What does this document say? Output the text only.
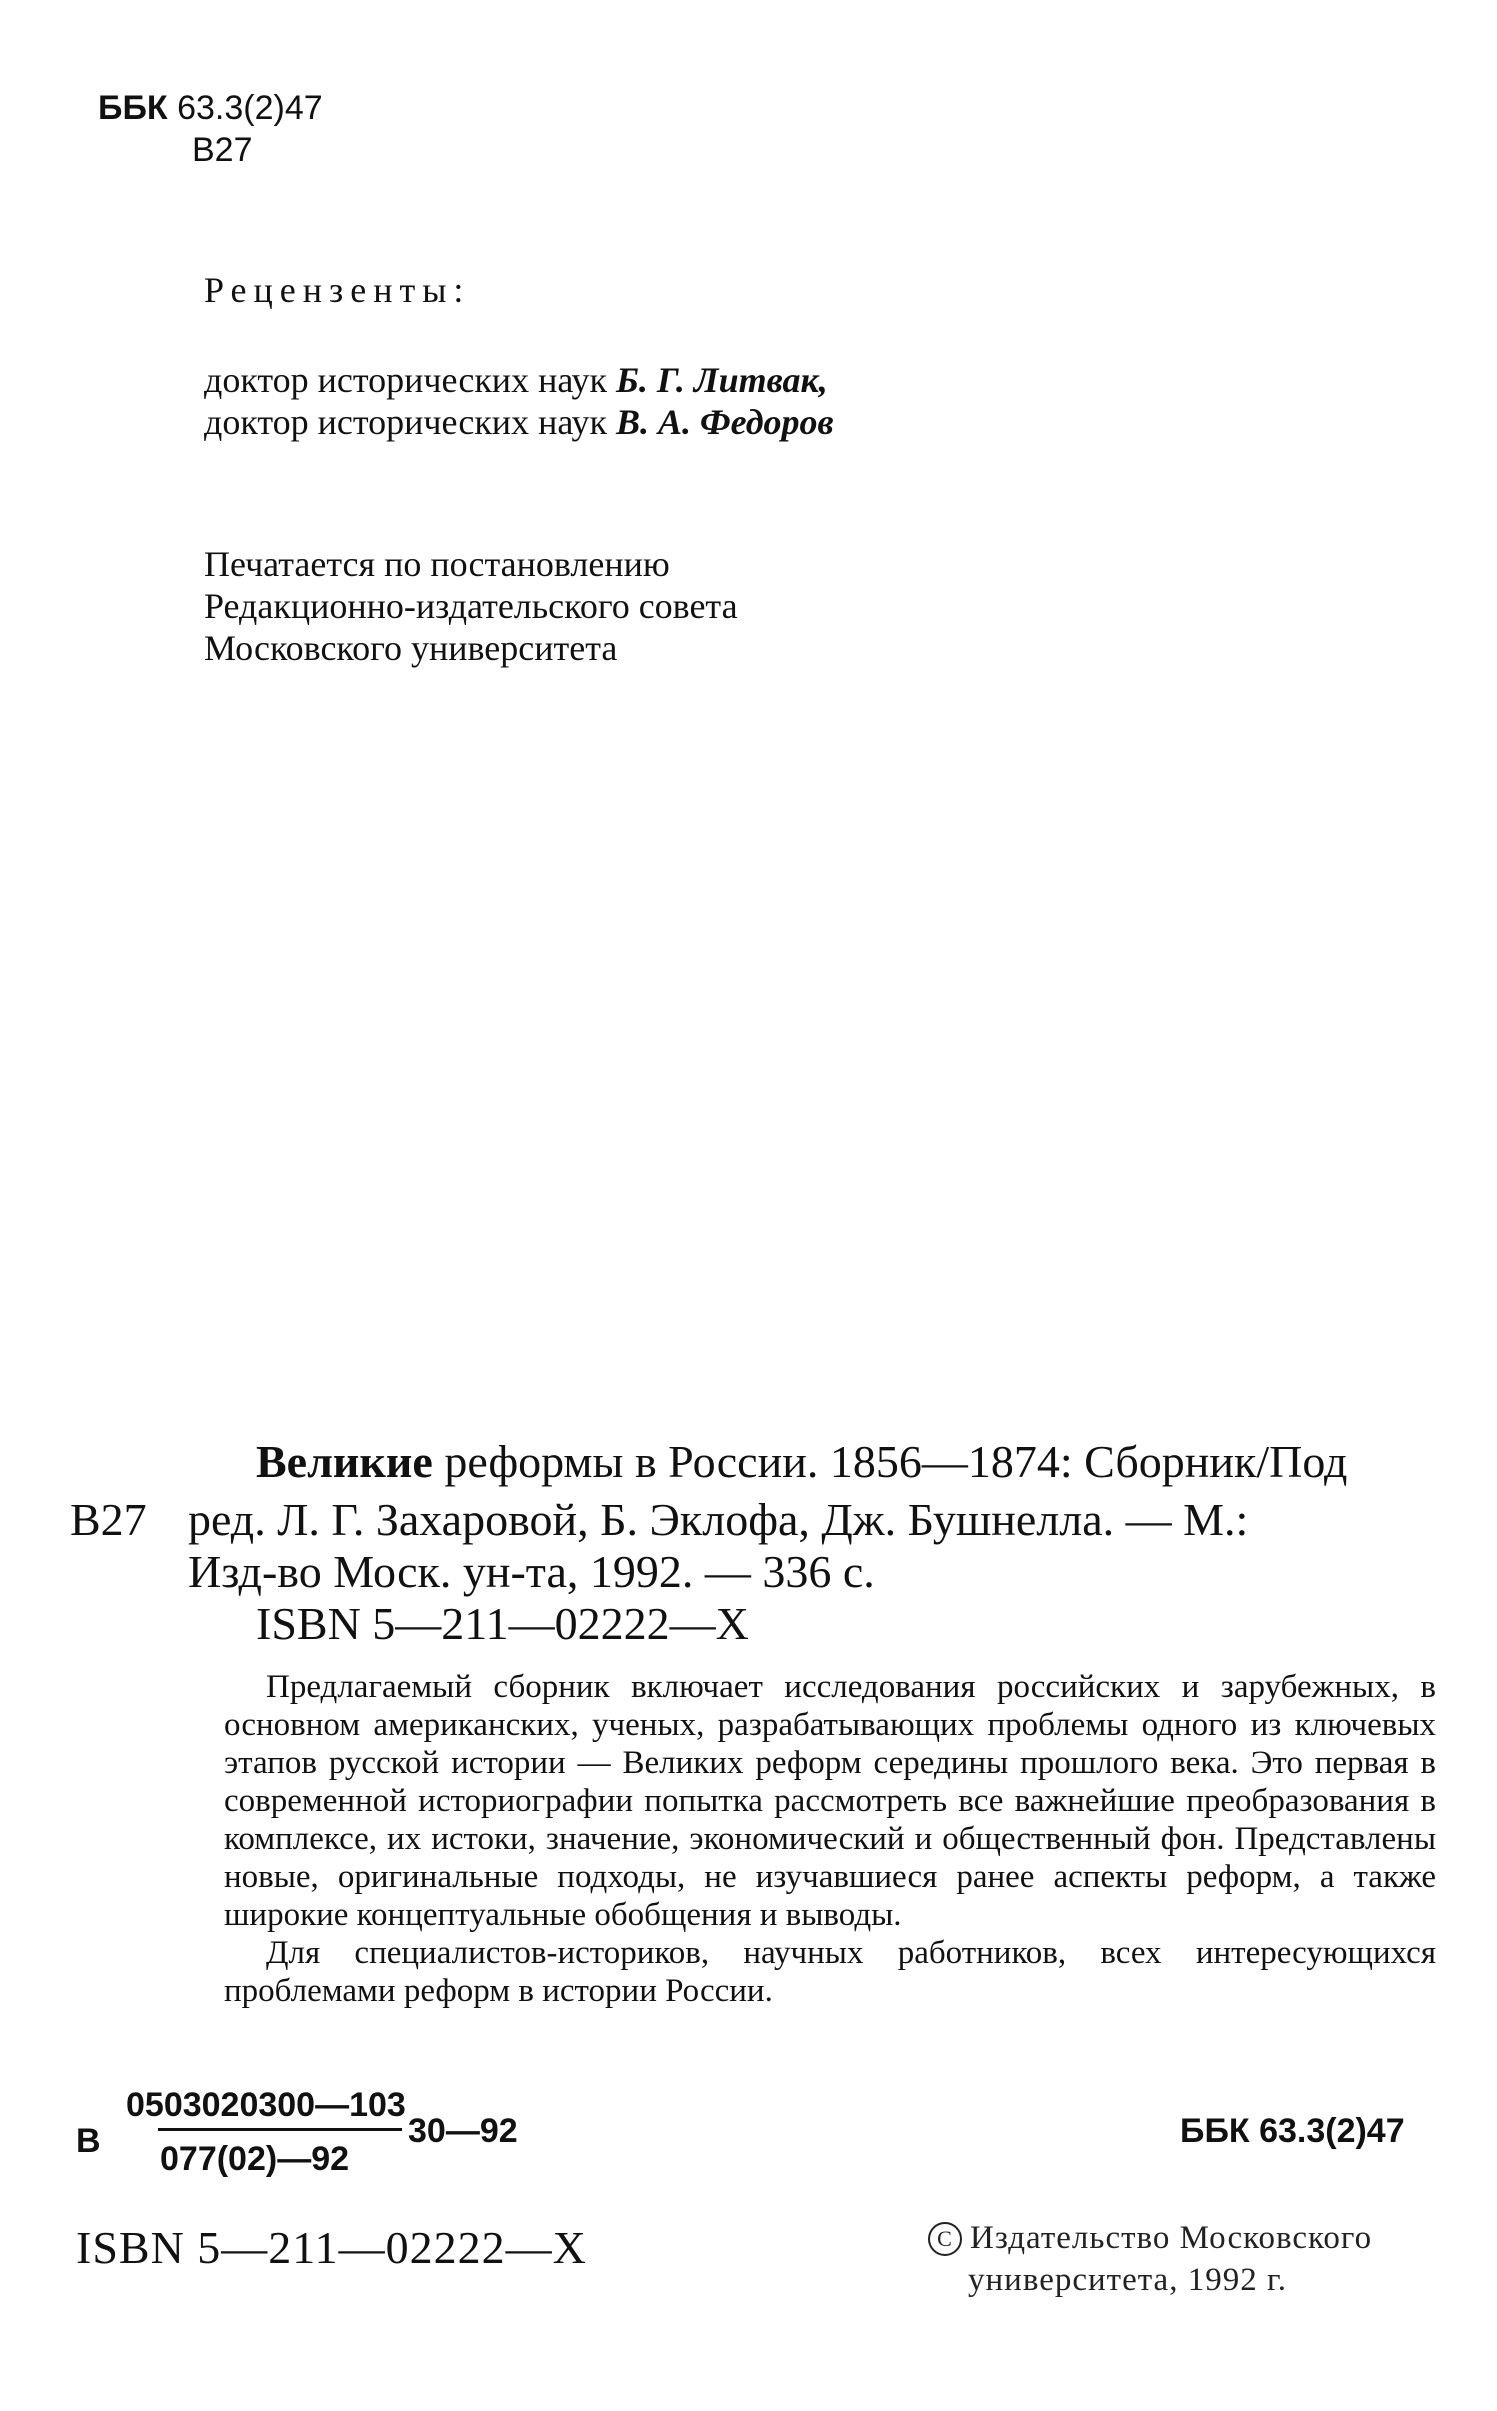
ББК 63.3(2)47
В27
Рецензенты:
доктор исторических наук Б. Г. Литвак,
доктор исторических наук В. А. Федоров
Печатается по постановлению
Редакционно-издательского совета
Московского университета
В27
Великие реформы в России. 1856—1874: Сборник/Под
ред. Л. Г. Захаровой, Б. Эклофа, Дж. Бушнелла. — М.:
Изд-во Моск. ун-та, 1992. — 336 с.
ISBN 5—211—02222—X

Предлагаемый сборник включает исследования российских и зарубежных, в основном американских, ученых, разрабатывающих проблемы одного из ключевых этапов русской истории — Великих реформ середины прошлого века. Это первая в современной историографии попытка рассмотреть все важнейшие преобразования в комплексе, их истоки, значение, экономический и общественный фон. Представлены новые, оригинальные подходы, не изучавшиеся ранее аспекты реформ, а также широкие концептуальные обобщения и выводы.

Для специалистов-историков, научных работников, всех интересующихся проблемами реформ в истории России.

В
0503020300—103
077(02)—92
30—92	ББК 63.3(2)47
ISBN 5—211—02222—X	С Издательство Московского
университета, 1992 г.
